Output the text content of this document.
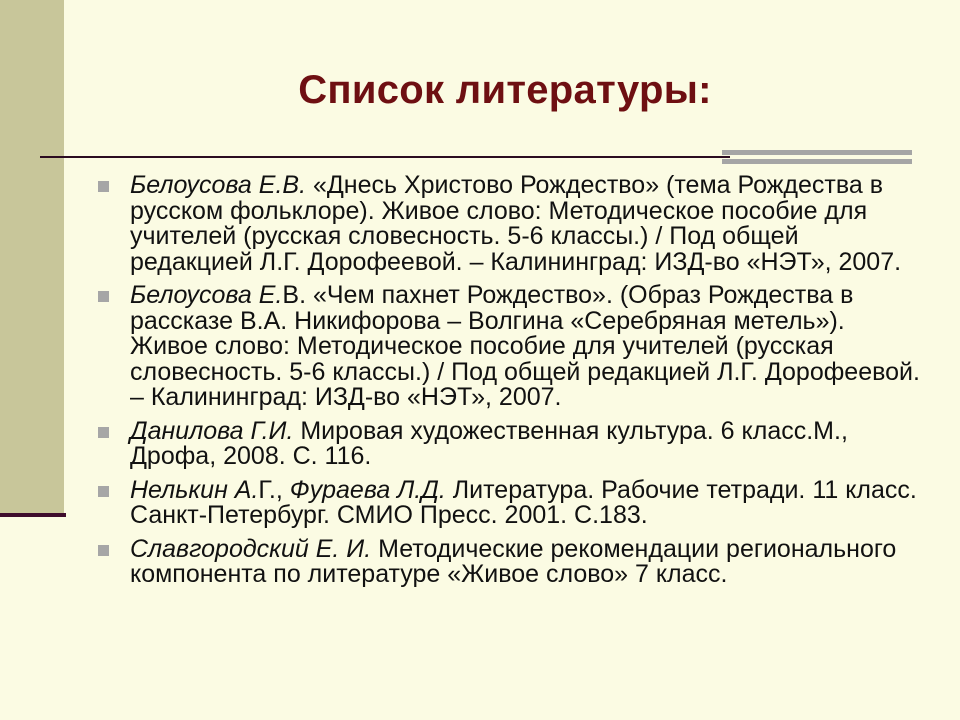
Список литературы:
Белоусова Е.В. «Днесь Христово Рождество» (тема Рождества в русском фольклоре). Живое слово: Методическое пособие для учителей (русская словесность. 5-6 классы.) / Под общей редакцией Л.Г. Дорофеевой. – Калининград: ИЗД-во «НЭТ», 2007.
Белоусова Е.В. «Чем пахнет Рождество». (Образ Рождества в рассказе В.А. Никифорова – Волгина «Серебряная метель»). Живое слово: Методическое пособие для учителей (русская словесность. 5-6 классы.) / Под общей редакцией Л.Г. Дорофеевой. – Калининград: ИЗД-во «НЭТ», 2007.
Данилова Г.И. Мировая художественная культура. 6 класс.М., Дрофа, 2008. С. 116.
Нелькин А.Г., Фураева Л.Д. Литература. Рабочие тетради. 11 класс. Санкт-Петербург. СМИО Пресс. 2001. С.183.
Славгородский Е. И. Методические рекомендации регионального компонента по литературе «Живое слово» 7 класс.
